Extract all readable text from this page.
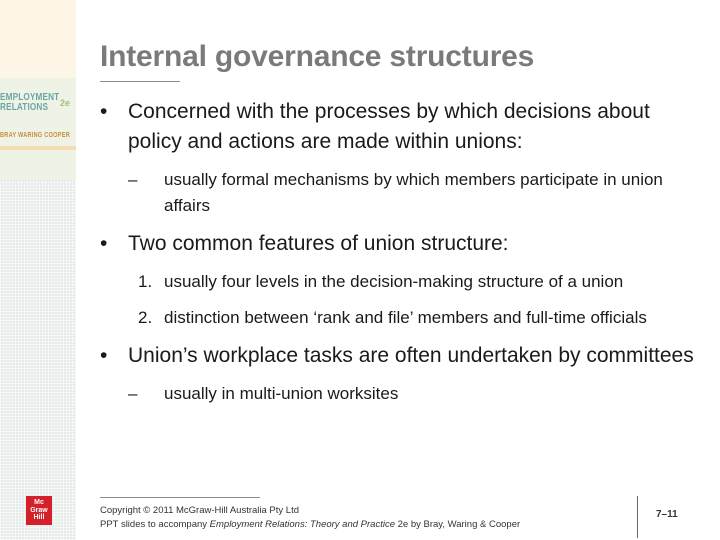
EMPLOYMENT
RELATIONS	2e
BRAY WARING COOPER
Mc
Graw
Hill
Internal governance structures
• Concerned with the processes by which decisions about policy and actions are made within unions:
– usually formal mechanisms by which members participate in union affairs
• Two common features of union structure:
1. usually four levels in the decision-making structure of a union
2. distinction between ‘rank and file’ members and full-time officials
• Union’s workplace tasks are often undertaken by committees
– usually in multi-union worksites
Copyright © 2011 McGraw-Hill Australia Pty Ltd
PPT slides to accompany Employment Relations: Theory and Practice 2e by Bray, Waring & Cooper
7–11
